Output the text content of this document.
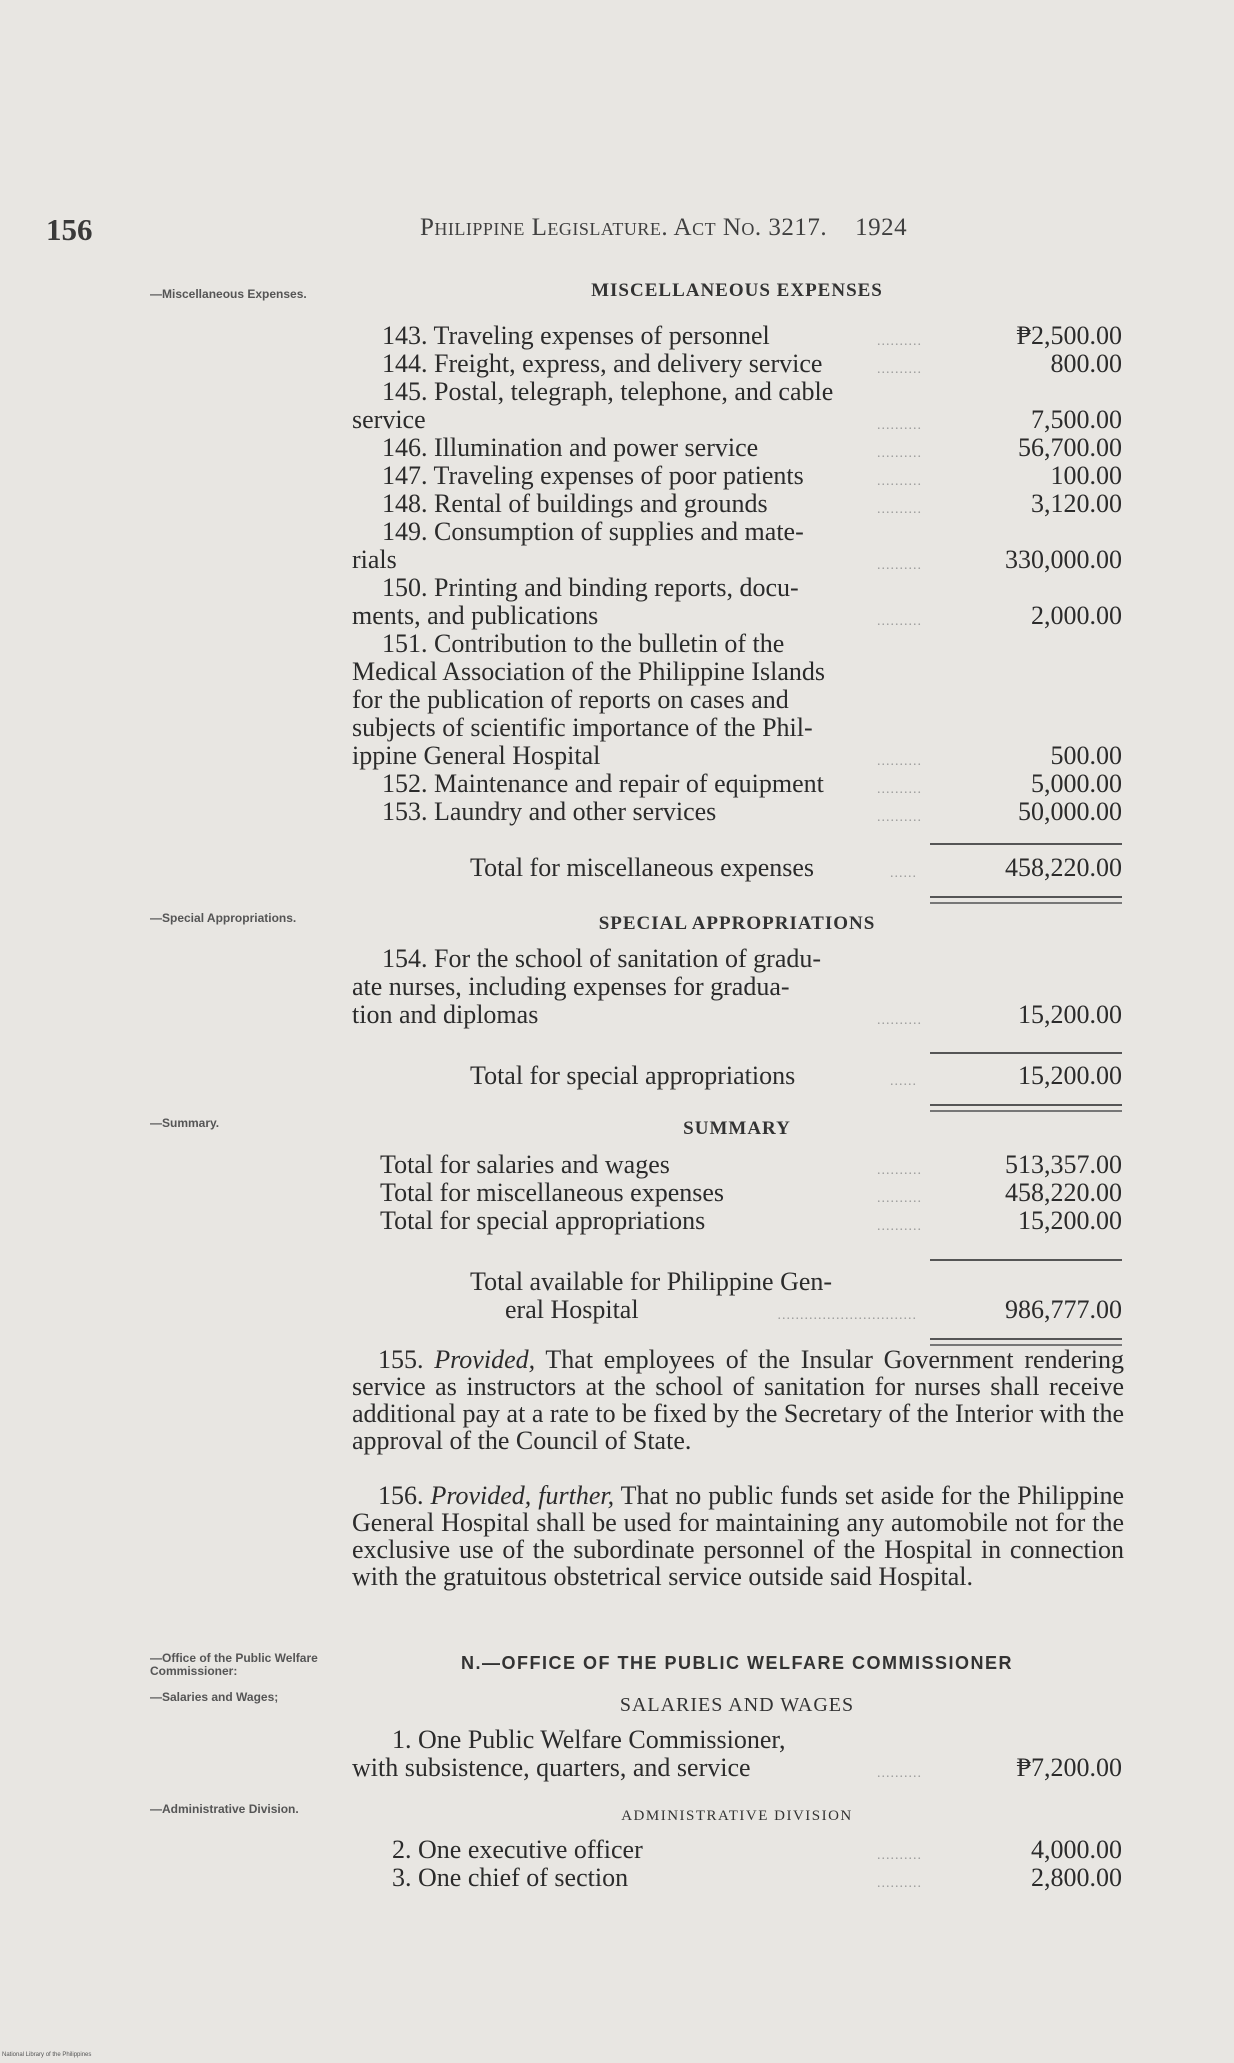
156	Philippine Legislature. Act No. 3217. 1924
—Miscellaneous Expenses.	MISCELLANEOUS EXPENSES
143. Traveling expenses of personnel	..........	₱2,500.00
144. Freight, express, and delivery service	..........	800.00
145. Postal, telegraph, telephone, and cable
service	..........	7,500.00
146. Illumination and power service	..........	56,700.00
147. Traveling expenses of poor patients	..........	100.00
148. Rental of buildings and grounds	..........	3,120.00
149. Consumption of supplies and mate-
rials	..........	330,000.00
150. Printing and binding reports, docu-
ments, and publications	..........	2,000.00
151. Contribution to the bulletin of the
Medical Association of the Philippine Islands
for the publication of reports on cases and
subjects of scientific importance of the Phil-
ippine General Hospital	..........	500.00
152. Maintenance and repair of equipment	..........	5,000.00
153. Laundry and other services	..........	50,000.00
Total for miscellaneous expenses	......	458,220.00
—Special Appropriations.	SPECIAL APPROPRIATIONS
154. For the school of sanitation of gradu-
ate nurses, including expenses for gradua-
tion and diplomas	..........	15,200.00
Total for special appropriations	......	15,200.00
—Summary.	SUMMARY
Total for salaries and wages	..........	513,357.00
Total for miscellaneous expenses	..........	458,220.00
Total for special appropriations	..........	15,200.00
Total available for Philippine Gen-
eral Hospital	...............................	986,777.00
155. Provided, That employees of the Insular Government rendering service as instructors at the school of sanitation for nurses shall receive additional pay at a rate to be fixed by the Secretary of the Interior with the approval of the Council of State.
156. Provided, further, That no public funds set aside for the Philippine General Hospital shall be used for maintaining any automobile not for the exclusive use of the subordinate personnel of the Hospital in connection with the gratuitous obstetrical service outside said Hospital.
—Office of the Public Welfare Commissioner:
—Salaries and Wages;
N.—OFFICE OF THE PUBLIC WELFARE COMMISSIONER
SALARIES AND WAGES
1. One Public Welfare Commissioner,
with subsistence, quarters, and service	..........	₱7,200.00
—Administrative Division.	ADMINISTRATIVE DIVISION
2. One executive officer	..........	4,000.00
3. One chief of section	..........	2,800.00
National Library of the Philippines
